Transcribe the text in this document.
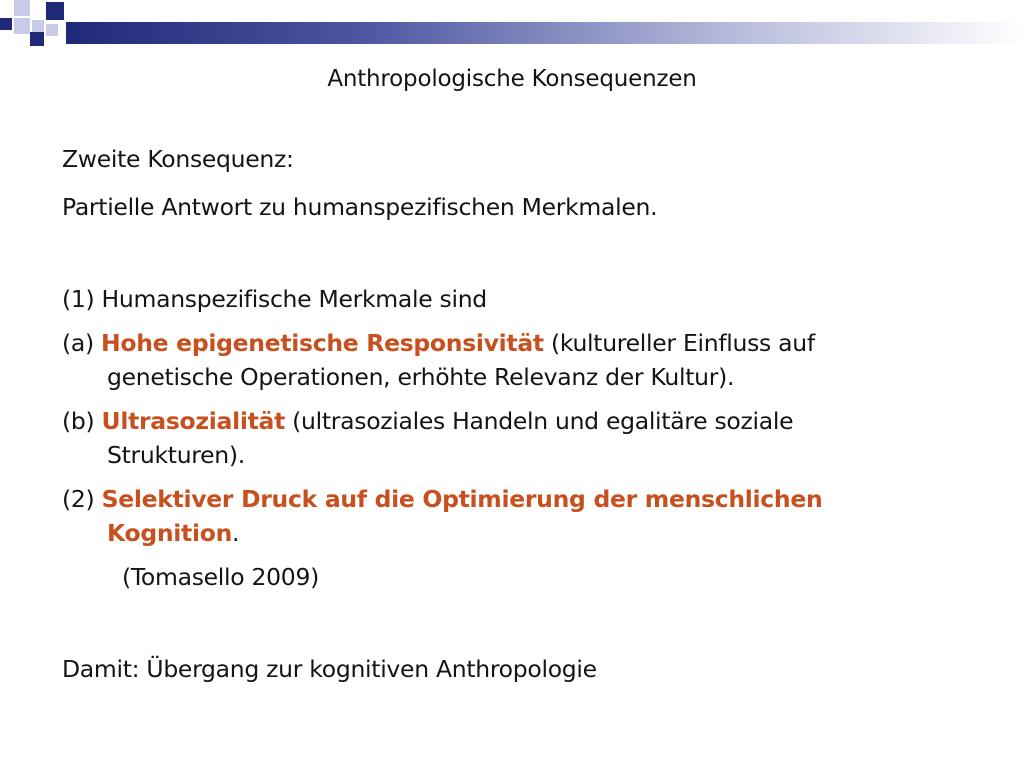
Anthropologische Konsequenzen

Zweite Konsequenz:

Partielle Antwort zu humanspezifischen Merkmalen.

(1) Humanspezifische Merkmale sind

(a) Hohe epigenetische Responsivität (kultureller Einfluss auf

genetische Operationen, erhöhte Relevanz der Kultur).

(b) Ultrasozialität (ultrasoziales Handeln und egalitäre soziale

Strukturen).

(2) Selektiver Druck auf die Optimierung der menschlichen

Kognition.

(Tomasello 2009)

Damit: Übergang zur kognitiven Anthropologie
